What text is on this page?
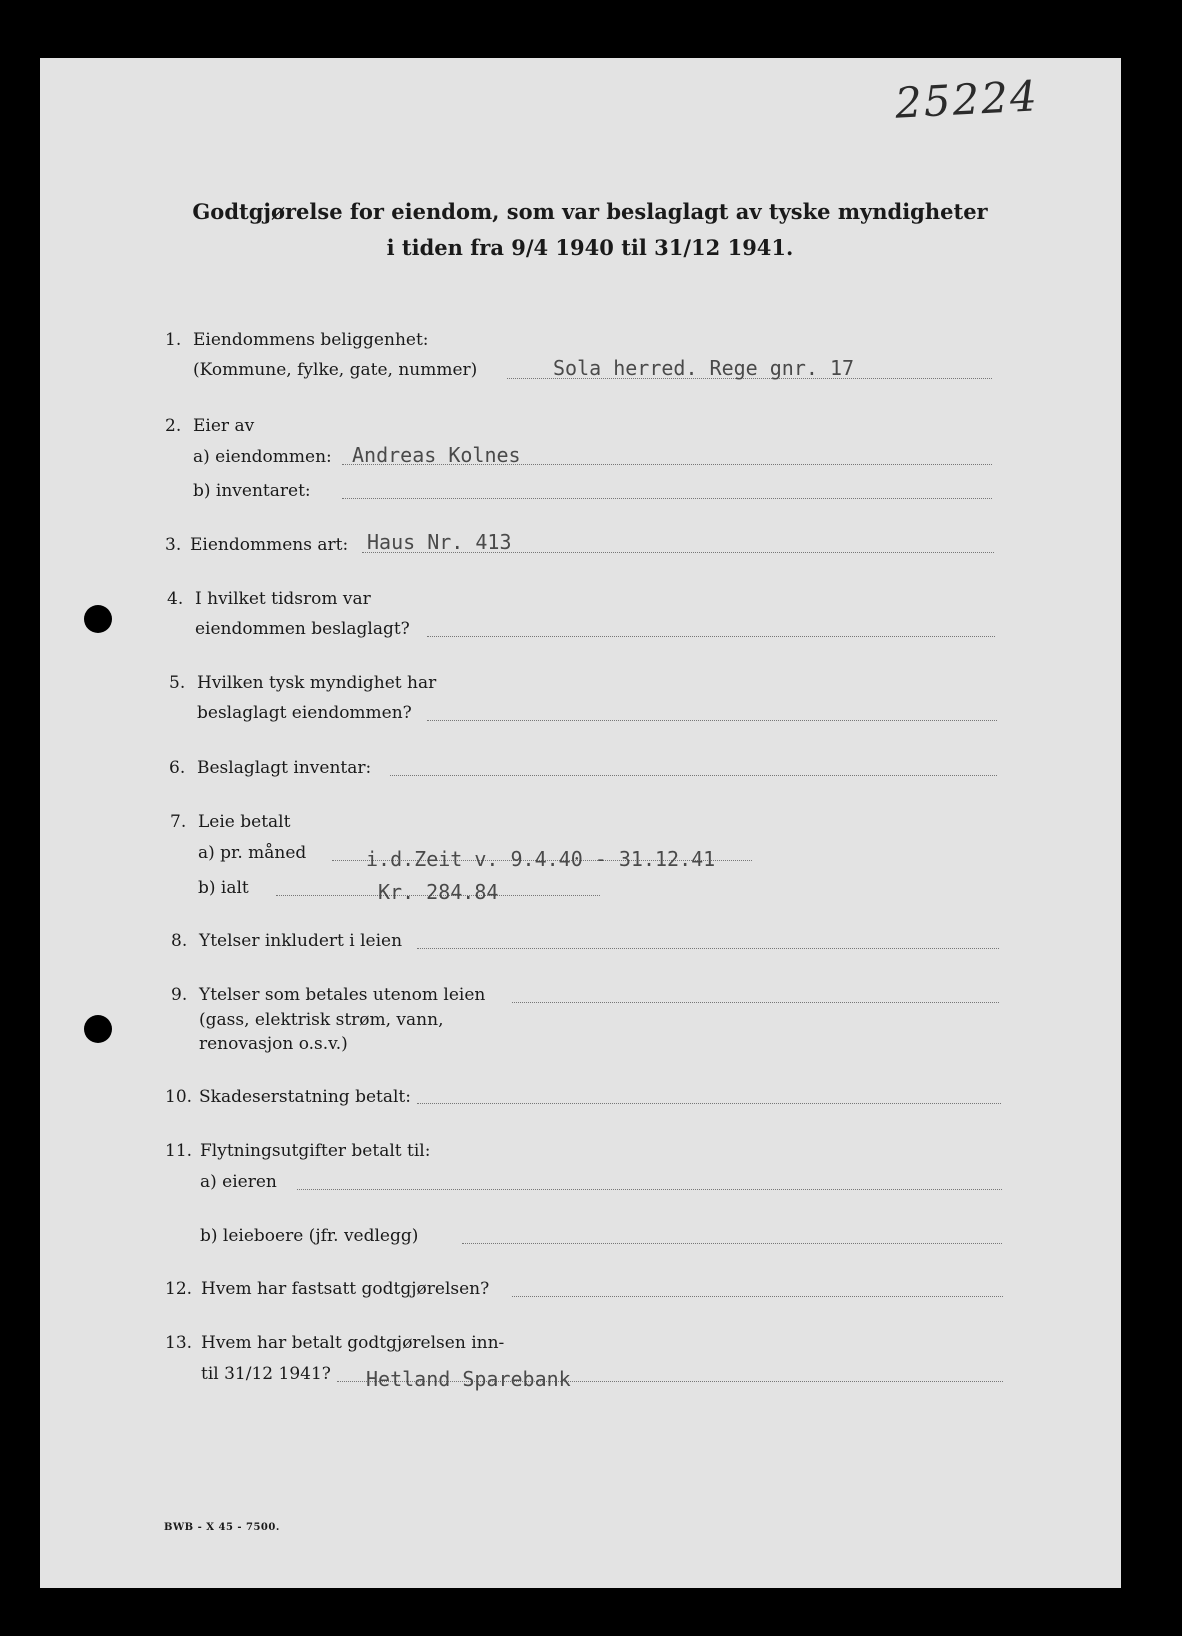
25224
Godtgjørelse for eiendom, som var beslaglagt av tyske myndigheter
i tiden fra 9/4 1940 til 31/12 1941.
1. Eiendommens beliggenhet:
(Kommune, fylke, gate, nummer)	Sola herred. Rege gnr. 17
2. Eier av
a) eiendommen: Andreas Kolnes
b) inventaret:
3. Eiendommens art: Haus Nr. 413
4. I hvilket tidsrom var
eiendommen beslaglagt?
5. Hvilken tysk myndighet har
beslaglagt eiendommen?
6. Beslaglagt inventar:
7. Leie betalt
a) pr. måned	i.d.Zeit v. 9.4.40 - 31.12.41
b) ialt	Kr. 284.84
8. Ytelser inkludert i leien
9. Ytelser som betales utenom leien
(gass, elektrisk strøm, vann,
renovasjon o.s.v.)
10. Skadeserstatning betalt:
11. Flytningsutgifter betalt til:
a) eieren
b) leieboere (jfr. vedlegg)
12. Hvem har fastsatt godtgjørelsen?
13. Hvem har betalt godtgjørelsen inn-
til 31/12 1941? Hetland Sparebank
BWB - X 45 - 7500.
